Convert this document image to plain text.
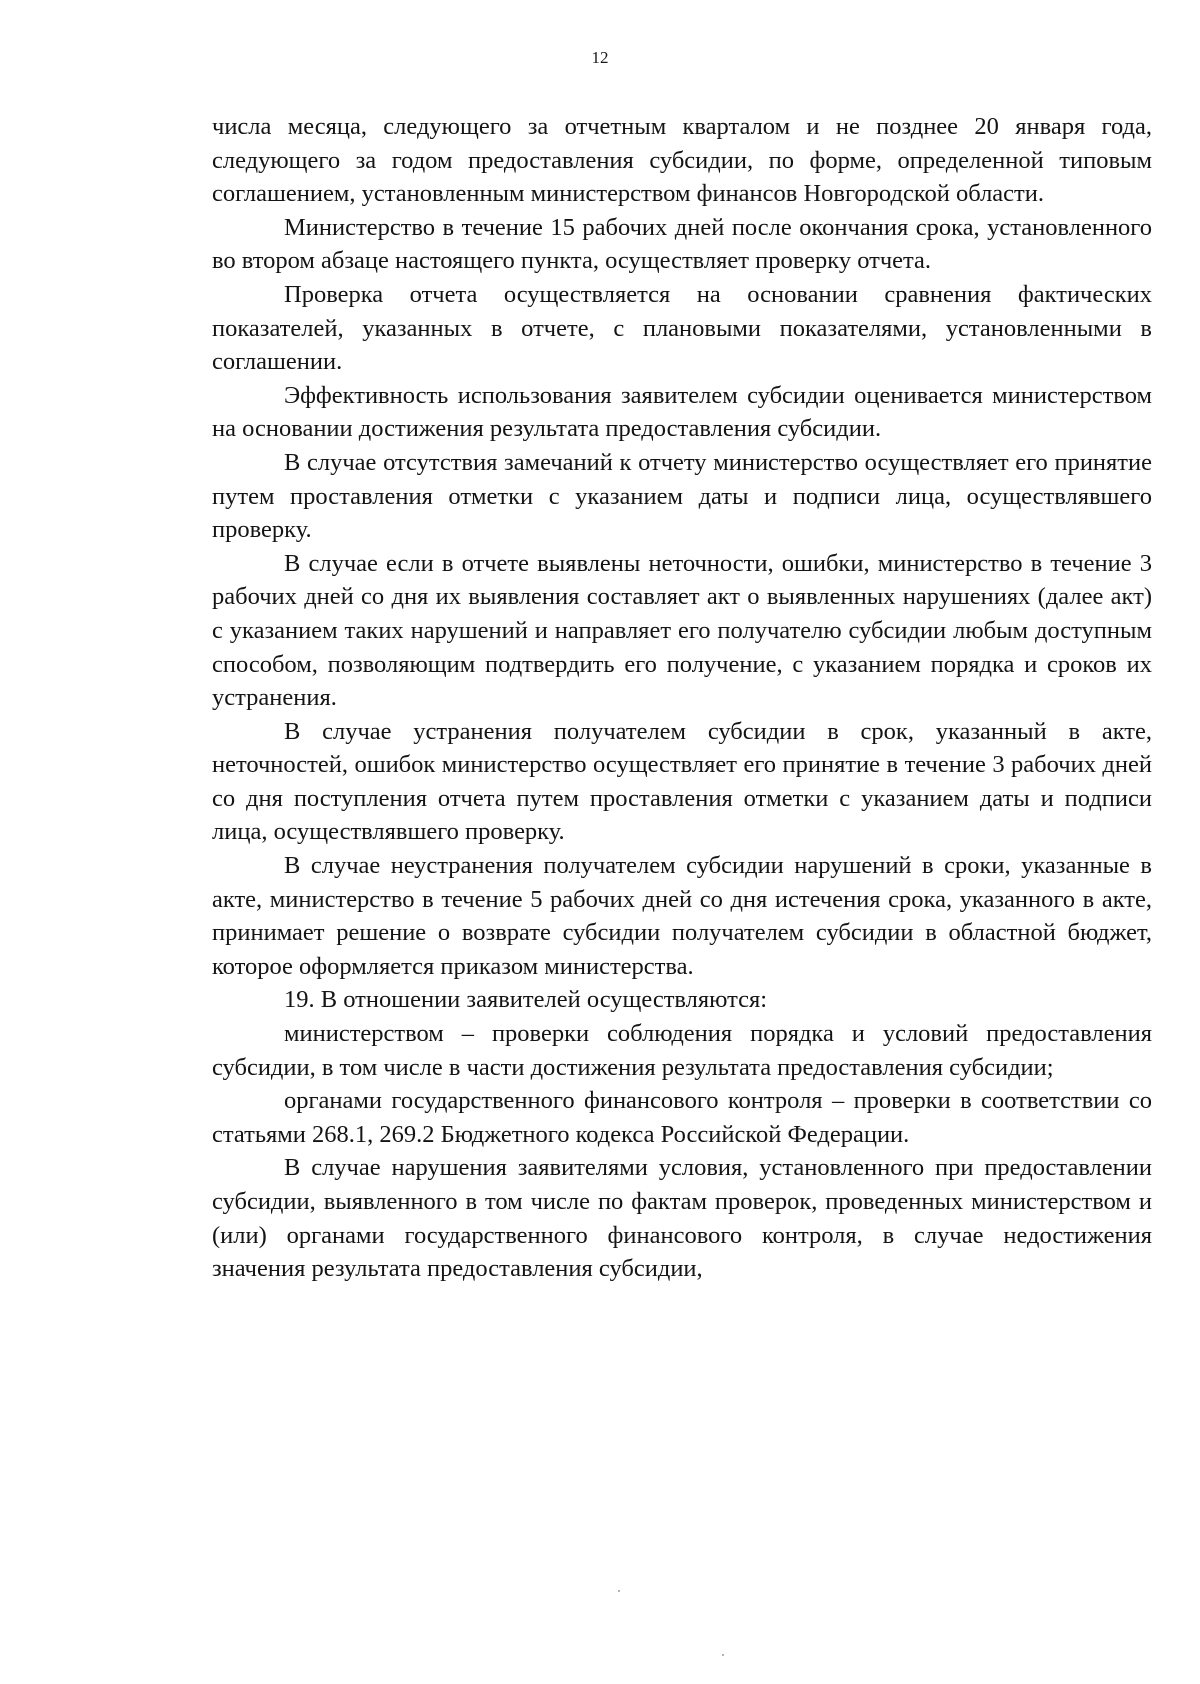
12

числа месяца, следующего за отчетным кварталом и не позднее 20 января года, следующего за годом предоставления субсидии, по форме, определенной типовым соглашением, установленным министерством финансов Новгородской области.

Министерство в течение 15 рабочих дней после окончания срока, установленного во втором абзаце настоящего пункта, осуществляет проверку отчета.

Проверка отчета осуществляется на основании сравнения фактических показателей, указанных в отчете, с плановыми показателями, установленными в соглашении.

Эффективность использования заявителем субсидии оценивается министерством на основании достижения результата предоставления субсидии.

В случае отсутствия замечаний к отчету министерство осуществляет его принятие путем проставления отметки с указанием даты и подписи лица, осуществлявшего проверку.

В случае если в отчете выявлены неточности, ошибки, министерство в течение 3 рабочих дней со дня их выявления составляет акт о выявленных нарушениях (далее акт) с указанием таких нарушений и направляет его получателю субсидии любым доступным способом, позволяющим подтвердить его получение, с указанием порядка и сроков их устранения.

В случае устранения получателем субсидии в срок, указанный в акте, неточностей, ошибок министерство осуществляет его принятие в течение 3 рабочих дней со дня поступления отчета путем проставления отметки с указанием даты и подписи лица, осуществлявшего проверку.

В случае неустранения получателем субсидии нарушений в сроки, указанные в акте, министерство в течение 5 рабочих дней со дня истечения срока, указанного в акте, принимает решение о возврате субсидии получателем субсидии в областной бюджет, которое оформляется приказом министерства.

19. В отношении заявителей осуществляются:

министерством – проверки соблюдения порядка и условий предоставления субсидии, в том числе в части достижения результата предоставления субсидии;

органами государственного финансового контроля – проверки в соответствии со статьями 268.1, 269.2 Бюджетного кодекса Российской Федерации.

В случае нарушения заявителями условия, установленного при предоставлении субсидии, выявленного в том числе по фактам проверок, проведенных министерством и (или) органами государственного финансового контроля, в случае недостижения значения результата предоставления субсидии,
